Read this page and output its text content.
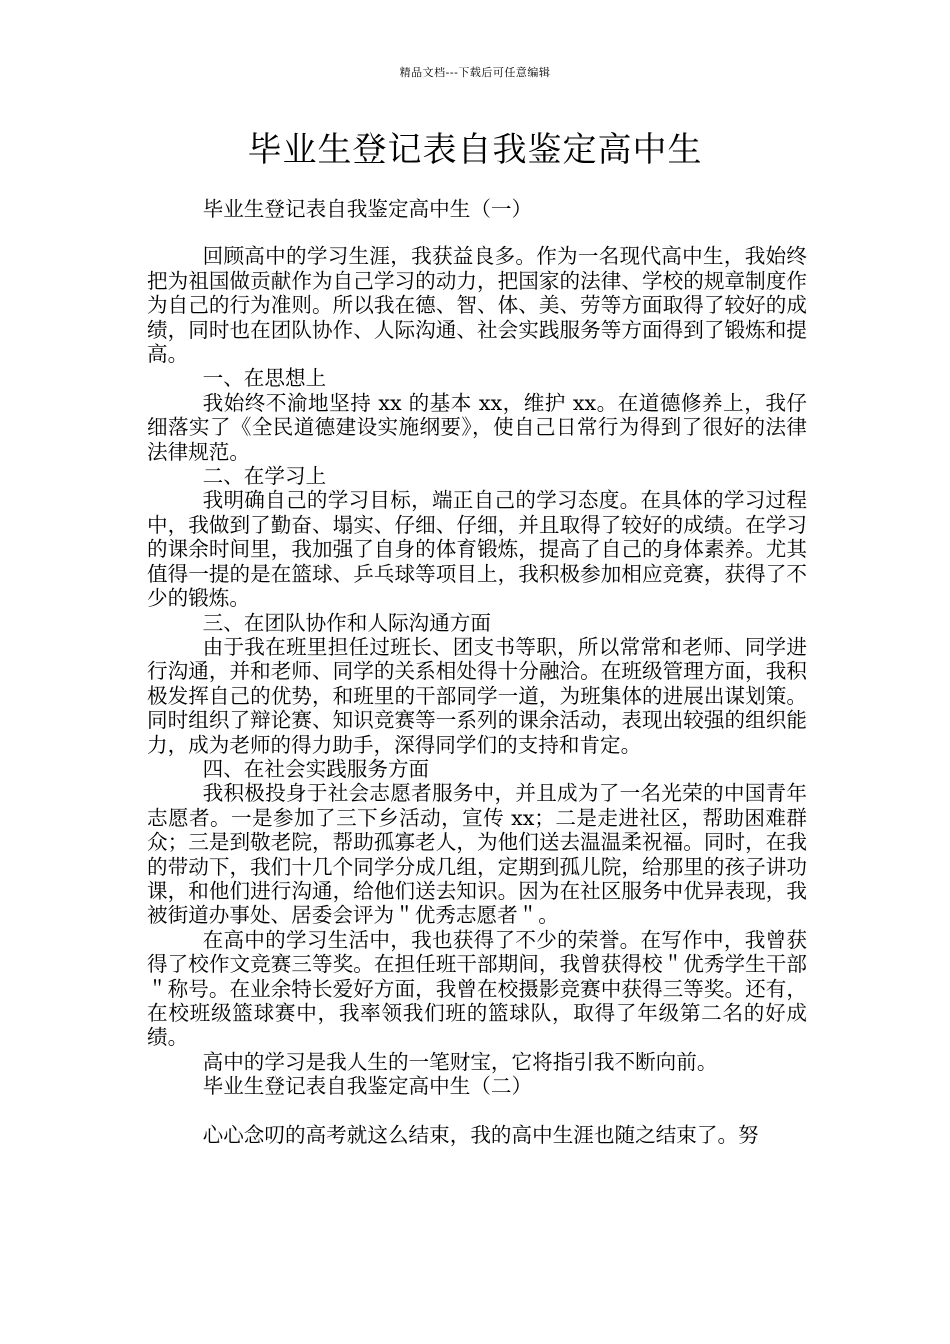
精品文档---下载后可任意编辑
毕业生登记表自我鉴定高中生

毕业生登记表自我鉴定高中生（一）

回顾高中的学习生涯，我获益良多。作为一名现代高中生，我始终把为祖国做贡献作为自己学习的动力，把国家的法律、学校的规章制度作为自己的行为准则。所以我在德、智、体、美、劳等方面取得了较好的成绩，同时也在团队协作、人际沟通、社会实践服务等方面得到了锻炼和提高。

一、在思想上

我始终不渝地坚持 xx 的基本 xx，维护 xx。在道德修养上，我仔细落实了《全民道德建设实施纲要》，使自己日常行为得到了很好的法律法律规范。

二、在学习上

我明确自己的学习目标，端正自己的学习态度。在具体的学习过程中，我做到了勤奋、塌实、仔细、仔细，并且取得了较好的成绩。在学习的课余时间里，我加强了自身的体育锻炼，提高了自己的身体素养。尤其值得一提的是在篮球、乒乓球等项目上，我积极参加相应竞赛，获得了不少的锻炼。

三、在团队协作和人际沟通方面

由于我在班里担任过班长、团支书等职，所以常常和老师、同学进行沟通，并和老师、同学的关系相处得十分融洽。在班级管理方面，我积极发挥自己的优势，和班里的干部同学一道，为班集体的进展出谋划策。同时组织了辩论赛、知识竞赛等一系列的课余活动，表现出较强的组织能力，成为老师的得力助手，深得同学们的支持和肯定。

四、在社会实践服务方面

我积极投身于社会志愿者服务中，并且成为了一名光荣的中国青年志愿者。一是参加了三下乡活动，宣传 xx；二是走进社区，帮助困难群众；三是到敬老院，帮助孤寡老人，为他们送去温温柔祝福。同时，在我的带动下，我们十几个同学分成几组，定期到孤儿院，给那里的孩子讲功课，和他们进行沟通，给他们送去知识。因为在社区服务中优异表现，我被街道办事处、居委会评为＂优秀志愿者＂。

在高中的学习生活中，我也获得了不少的荣誉。在写作中，我曾获得了校作文竞赛三等奖。在担任班干部期间，我曾获得校＂优秀学生干部＂称号。在业余特长爱好方面，我曾在校摄影竞赛中获得三等奖。还有，在校班级篮球赛中，我率领我们班的篮球队，取得了年级第二名的好成绩。

高中的学习是我人生的一笔财宝，它将指引我不断向前。

毕业生登记表自我鉴定高中生（二）

心心念叨的高考就这么结束，我的高中生涯也随之结束了。努
